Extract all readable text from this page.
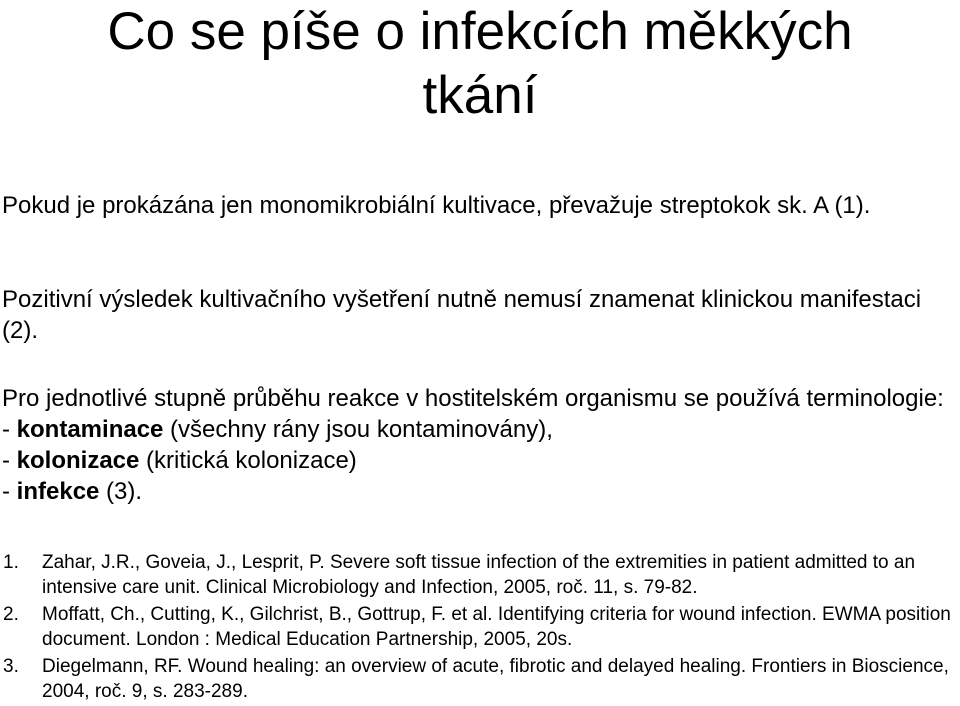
Co se píše o infekcích měkkých
tkání

Pokud je prokázána jen monomikrobiální kultivace, převažuje streptokok sk. A (1).

Pozitivní výsledek kultivačního vyšetření nutně nemusí znamenat klinickou manifestaci (2).

Pro jednotlivé stupně průběhu reakce v hostitelském organismu se používá terminologie:
- kontaminace (všechny rány jsou kontaminovány),
- kolonizace (kritická kolonizace)
- infekce (3).
1. Zahar, J.R., Goveia, J., Lesprit, P. Severe soft tissue infection of the extremities in patient admitted to an intensive care unit. Clinical Microbiology and Infection, 2005, roč. 11, s. 79-82.
2. Moffatt, Ch., Cutting, K., Gilchrist, B., Gottrup, F. et al. Identifying criteria for wound infection. EWMA position document. London : Medical Education Partnership, 2005, 20s.
3. Diegelmann, RF. Wound healing: an overview of acute, fibrotic and delayed healing. Frontiers in Bioscience, 2004, roč. 9, s. 283-289.
